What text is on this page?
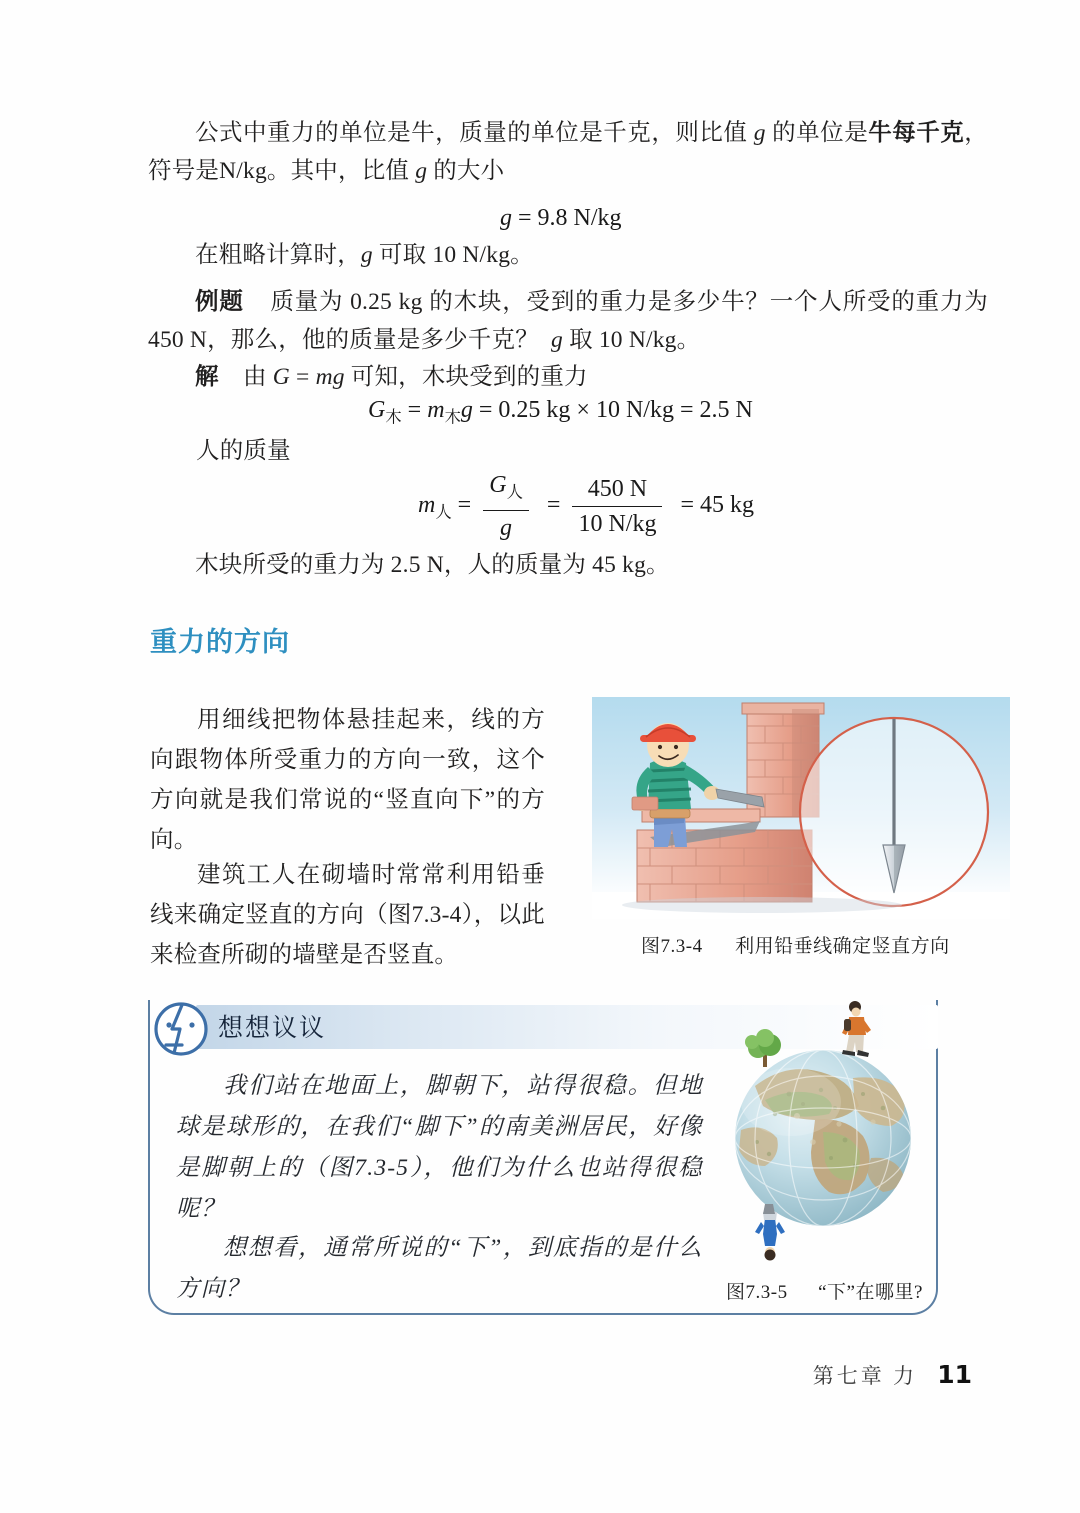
公式中重力的单位是牛，质量的单位是千克，则比值 g 的单位是牛每千克，符号是N/kg。其中，比值 g 的大小
g = 9.8 N/kg
在粗略计算时，g 可取 10 N/kg。
例题    质量为 0.25 kg 的木块，受到的重力是多少牛？一个人所受的重力为 450 N，那么，他的质量是多少千克？  g 取 10 N/kg。
解    由 G = mg 可知，木块受到的重力
$G_木 = m_木g = 0.25$ kg × 10 N/kg = 2.5 N
人的质量
$m_人 = \frac{G_人}{g} = \frac{450 N}{10 N/kg} = 45$ kg
木块所受的重力为 2.5 N，人的质量为 45 kg。
重力的方向
用细线把物体悬挂起来，线的方向跟物体所受重力的方向一致，这个方向就是我们常说的“竖直向下”的方向。
建筑工人在砌墙时常常利用铅垂线来确定竖直的方向（图7.3-4），以此来检查所砌的墙壁是否竖直。	图7.3-4 利用铅垂线确定竖直方向
想想议议
我们站在地面上，脚朝下，站得很稳。但地球是球形的，在我们“脚下”的南美洲居民，好像是脚朝上的（图7.3-5），他们为什么也站得很稳呢？
想想看，通常所说的“下”，到底指的是什么方向？	图7.3-5 “下”在哪里?
第七章 力 11
